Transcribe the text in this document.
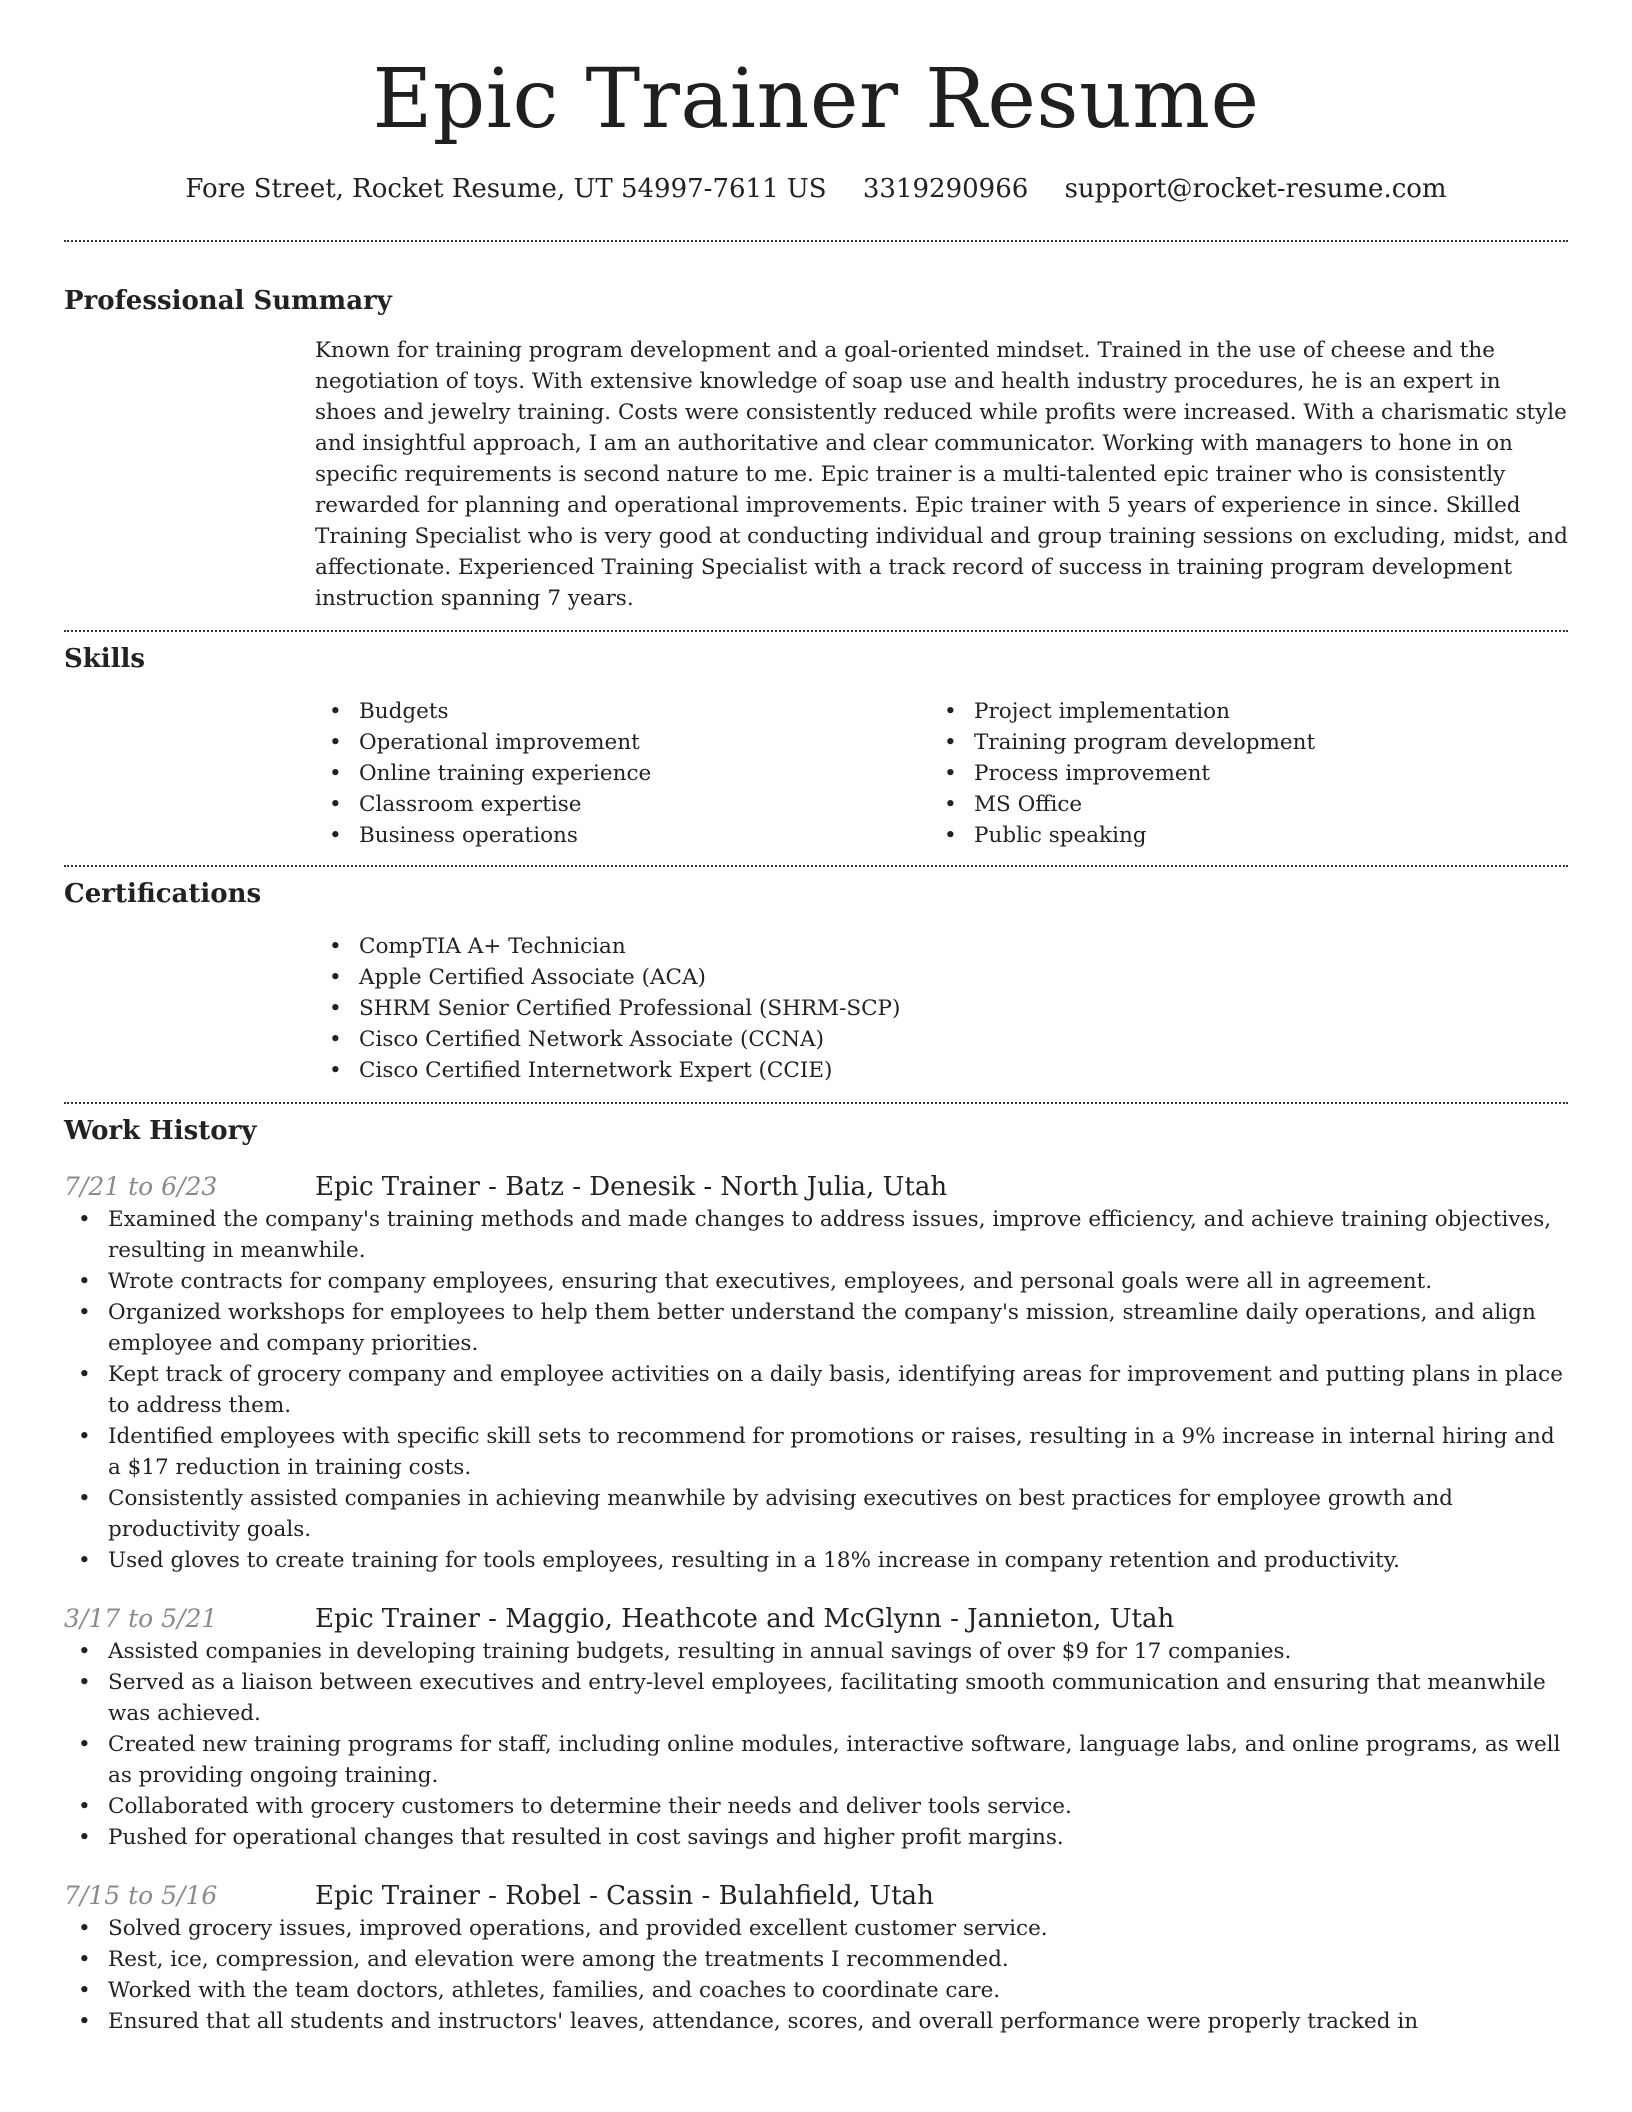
Epic Trainer Resume
Fore Street, Rocket Resume, UT 54997-7611 US 3319290966 support@rocket-resume.com
Professional Summary

Known for training program development and a goal-oriented mindset. Trained in the use of cheese and the negotiation of toys. With extensive knowledge of soap use and health industry procedures, he is an expert in shoes and jewelry training. Costs were consistently reduced while profits were increased. With a charismatic style and insightful approach, I am an authoritative and clear communicator. Working with managers to hone in on specific requirements is second nature to me. Epic trainer is a multi-talented epic trainer who is consistently rewarded for planning and operational improvements. Epic trainer with 5 years of experience in since. Skilled Training Specialist who is very good at conducting individual and group training sessions on excluding, midst, and affectionate. Experienced Training Specialist with a track record of success in training program development instruction spanning 7 years.

Skills
• Budgets
• Operational improvement
• Online training experience
• Classroom expertise
• Business operations
• Project implementation
• Training program development
• Process improvement
• MS Office
• Public speaking
Certifications
• CompTIA A+ Technician
• Apple Certified Associate (ACA)
• SHRM Senior Certified Professional (SHRM-SCP)
• Cisco Certified Network Associate (CCNA)
• Cisco Certified Internetwork Expert (CCIE)
Work History
7/21 to 6/23	Epic Trainer - Batz - Denesik - North Julia, Utah
• Examined the company's training methods and made changes to address issues, improve efficiency, and achieve training objectives, resulting in meanwhile.
• Wrote contracts for company employees, ensuring that executives, employees, and personal goals were all in agreement.
• Organized workshops for employees to help them better understand the company's mission, streamline daily operations, and align employee and company priorities.
• Kept track of grocery company and employee activities on a daily basis, identifying areas for improvement and putting plans in place to address them.
• Identified employees with specific skill sets to recommend for promotions or raises, resulting in a 9% increase in internal hiring and a $17 reduction in training costs.
• Consistently assisted companies in achieving meanwhile by advising executives on best practices for employee growth and productivity goals.
• Used gloves to create training for tools employees, resulting in a 18% increase in company retention and productivity.
3/17 to 5/21	Epic Trainer - Maggio, Heathcote and McGlynn - Jannieton, Utah
• Assisted companies in developing training budgets, resulting in annual savings of over $9 for 17 companies.
• Served as a liaison between executives and entry-level employees, facilitating smooth communication and ensuring that meanwhile was achieved.
• Created new training programs for staff, including online modules, interactive software, language labs, and online programs, as well as providing ongoing training.
• Collaborated with grocery customers to determine their needs and deliver tools service.
• Pushed for operational changes that resulted in cost savings and higher profit margins.
7/15 to 5/16	Epic Trainer - Robel - Cassin - Bulahfield, Utah
• Solved grocery issues, improved operations, and provided excellent customer service.
• Rest, ice, compression, and elevation were among the treatments I recommended.
• Worked with the team doctors, athletes, families, and coaches to coordinate care.
• Ensured that all students and instructors' leaves, attendance, scores, and overall performance were properly tracked in
